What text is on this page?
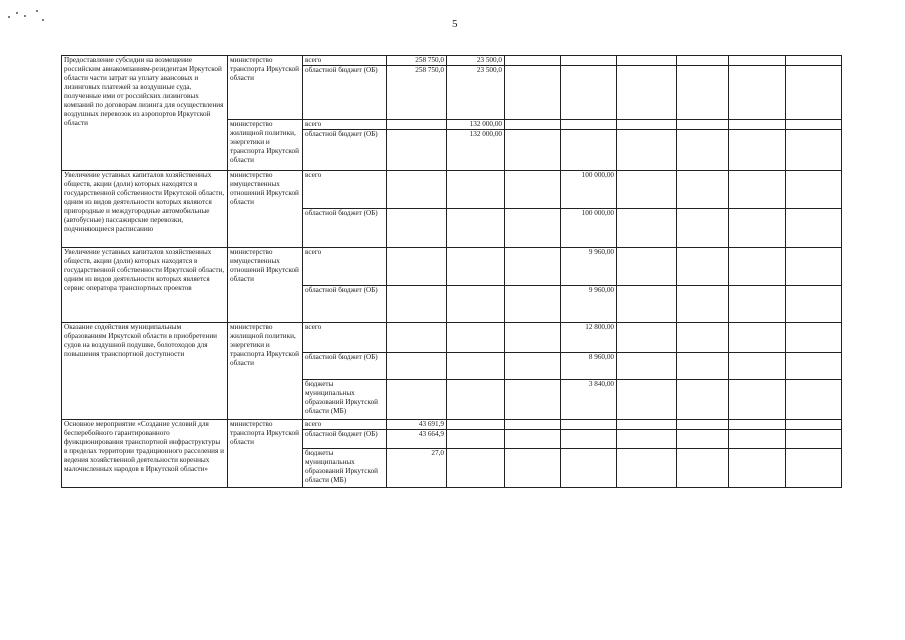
5
Предоставление субсидии на возмещение российским авиакомпаниям-резидентам Иркутской области части затрат на уплату авансовых и лизинговых платежей за воздушные суда, полученные ими от российских лизинговых компаний по договорам лизинга для осуществления воздушных перевозок из аэропортов Иркутской области	министерство транспорта Иркутской области	всего	258 750,0	23 500,0						
		областной бюджет (ОБ)	258 750,0	23 500,0						
	министерство жилищной политики, энергетики и транспорта Иркутской области	всего		132 000,00						
		областной бюджет (ОБ)		132 000,00						
Увеличение уставных капиталов хозяйственных обществ, акции (доли) которых находятся в государственной собственности Иркутской области, одним из видов деятельности которых являются пригородные и междугородные автомобильные (автобусные) пассажирские перевозки, подчиняющиеся расписанию	министерство имущественных отношений Иркутской области	всего				100 000,00				
		областной бюджет (ОБ)				100 000,00				
Увеличение уставных капиталов хозяйственных обществ, акции (доли) которых находятся в государственной собственности Иркутской области, одним из видов деятельности которых является сервис оператора транспортных проектов	министерство имущественных отношений Иркутской области	всего				9 960,00				
		областной бюджет (ОБ)				9 960,00				
Оказание содействия муниципальным образованиям Иркутской области в приобретении судов на воздушной подушке, болотоходов для повышения транспортной доступности	министерство жилищной политики, энергетики и транспорта Иркутской области	всего				12 800,00				
		областной бюджет (ОБ)				8 960,00				
		бюджеты муниципальных образований Иркутской области (МБ)				3 840,00				
Основное мероприятие «Создание условий для бесперебойного гарантированного функционирования транспортной инфраструктуры в пределах территории традиционного расселения и ведения хозяйственной деятельности коренных малочисленных народов в Иркутской области»	министерство транспорта Иркутской области	всего	43 691,9							
		областной бюджет (ОБ)	43 664,9							
		бюджеты муниципальных образований Иркутской области (МБ)	27,0							
